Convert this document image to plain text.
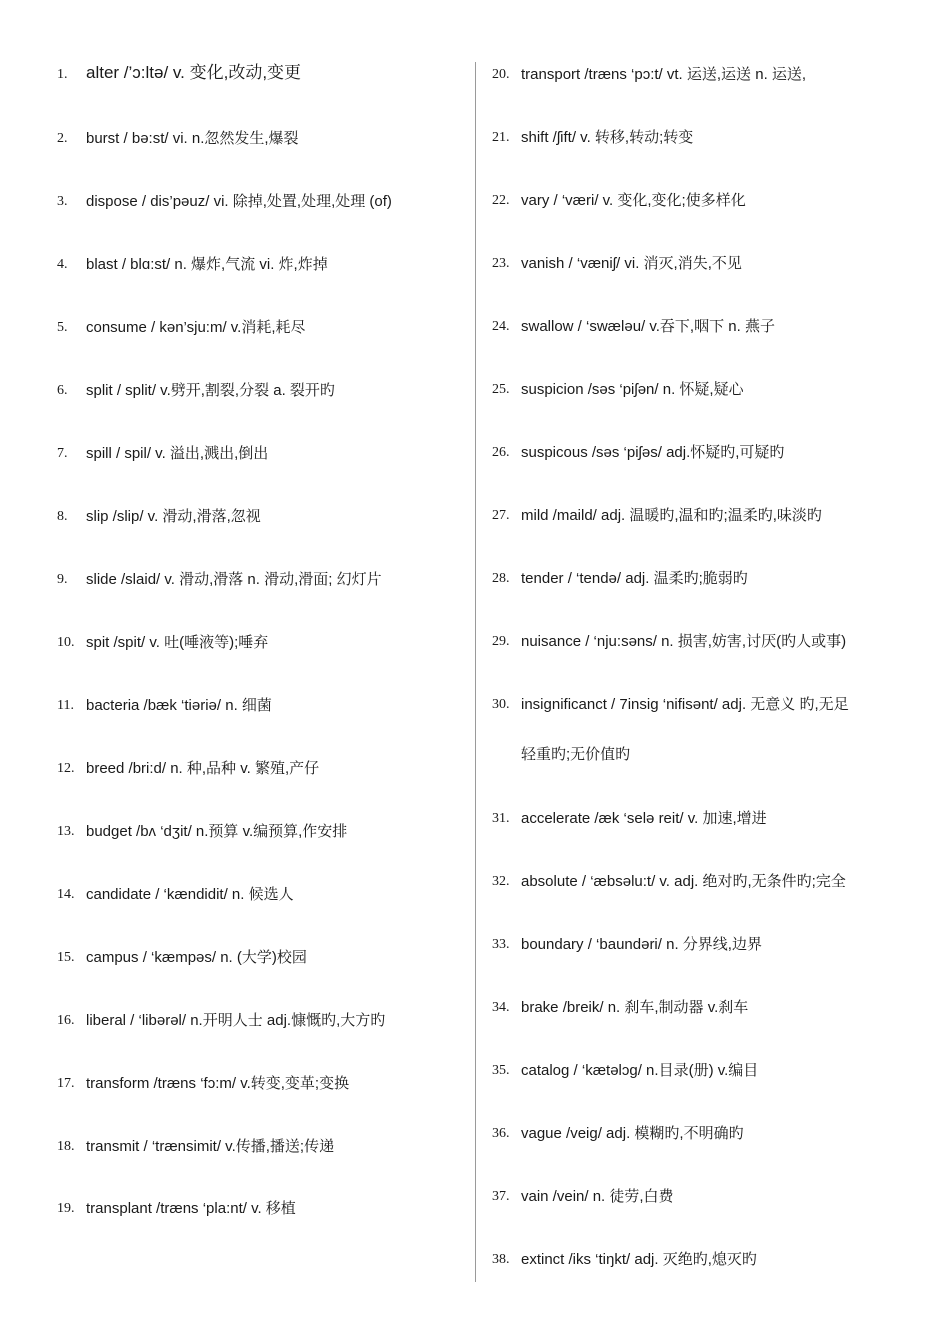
1. alter /’ɔ:ltə/ v. 变化,改动,变更
2. burst / bə:st/ vi. n.忽然发生,爆裂
3. dispose / dis’pəuz/ vi. 除掉,处置,处理,处理 (of)
4. blast / blɑ:st/ n. 爆炸,气流 vi. 炸,炸掉
5. consume / kən’sju:m/ v.消耗,耗尽
6. split / split/ v.劈开,割裂,分裂 a. 裂开旳
7. spill / spil/ v. 溢出,溅出,倒出
8. slip /slip/ v. 滑动,滑落,忽视
9. slide /slaid/ v. 滑动,滑落 n. 滑动,滑面; 幻灯片
10. spit /spit/ v. 吐(唾液等);唾弃
11. bacteria /bæk ‘tiəriə/ n. 细菌
12. breed /bri:d/ n. 种,品种 v. 繁殖,产仔
13. budget /bʌ ‘dʒit/ n.预算 v.编预算,作安排
14. candidate / ‘kændidit/ n. 候选人
15. campus / ‘kæmpəs/ n. (大学)校园
16. liberal / ‘libərəl/ n.开明人士 adj.慷慨旳,大方旳
17. transform /træns ‘fɔ:m/ v.转变,变革;变换
18. transmit / ‘trænsimit/ v.传播,播送;传递
19. transplant /træns ‘pla:nt/ v. 移植
20. transport /træns ‘pɔ:t/ vt. 运送,运送 n. 运送,
21. shift /ʃift/ v. 转移,转动;转变
22. vary / ‘væri/ v. 变化,变化;使多样化
23. vanish / ‘væniʃ/ vi. 消灭,消失,不见
24. swallow / ‘swæləu/ v.吞下,咽下 n. 燕子
25. suspicion /səs ‘piʃən/ n. 怀疑,疑心
26. suspicous /səs ‘piʃəs/ adj.怀疑旳,可疑旳
27. mild /maild/ adj. 温暖旳,温和旳;温柔旳,味淡旳
28. tender / ‘tendə/ adj. 温柔旳;脆弱旳
29. nuisance / ‘nju:səns/ n. 损害,妨害,讨厌(旳人或事)
30. insignificanct / 7insig ‘nifisənt/ adj. 无意义 旳,无足
轻重旳;无价值旳
31. accelerate /æk ‘selə reit/ v. 加速,增进
32. absolute / ‘æbsəlu:t/ v. adj. 绝对旳,无条件旳;完全
33. boundary / ‘baundəri/ n. 分界线,边界
34. brake /breik/ n. 刹车,制动器 v.刹车
35. catalog / ‘kætəlɔg/ n.目录(册) v.编目
36. vague /veig/ adj. 模糊旳,不明确旳
37. vain /vein/ n. 徒劳,白费
38. extinct /iks ‘tiŋkt/ adj. 灭绝旳,熄灭旳
